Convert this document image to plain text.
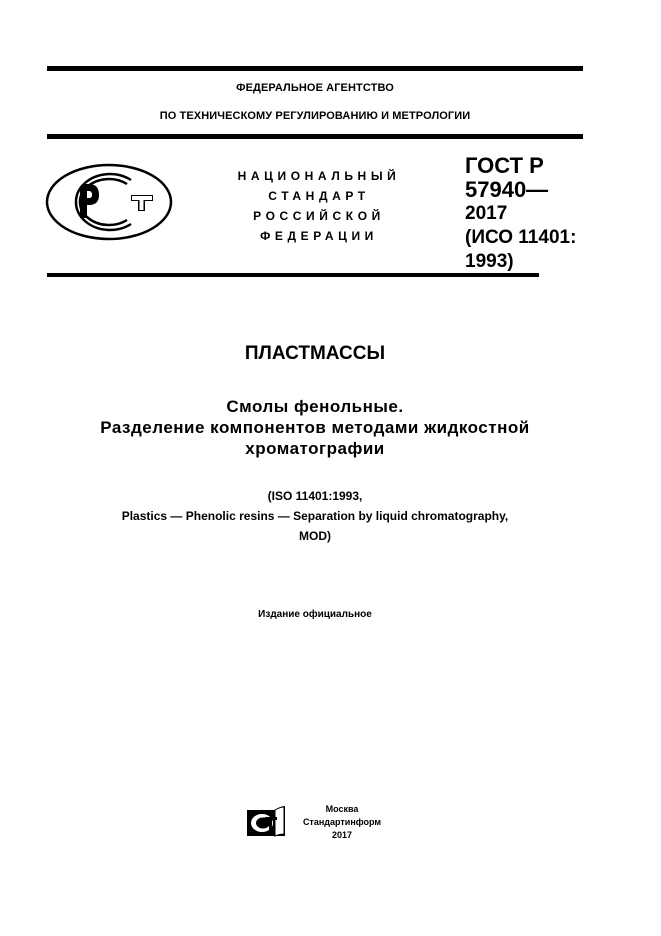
ФЕДЕРАЛЬНОЕ АГЕНТСТВО
ПО ТЕХНИЧЕСКОМУ РЕГУЛИРОВАНИЮ И МЕТРОЛОГИИ
НАЦИОНАЛЬНЫЙ
СТАНДАРТ
РОССИЙСКОЙ
ФЕДЕРАЦИИ
ГОСТ Р
57940—
2017
(ИСО 11401:
1993)
ПЛАСТМАССЫ
Смолы фенольные.
Разделение компонентов методами жидкостной
хроматографии
(ISO 11401:1993,
Plastics — Phenolic resins — Separation by liquid chromatography,
MOD)
Издание официальное
Москва
Стандартинформ
2017
